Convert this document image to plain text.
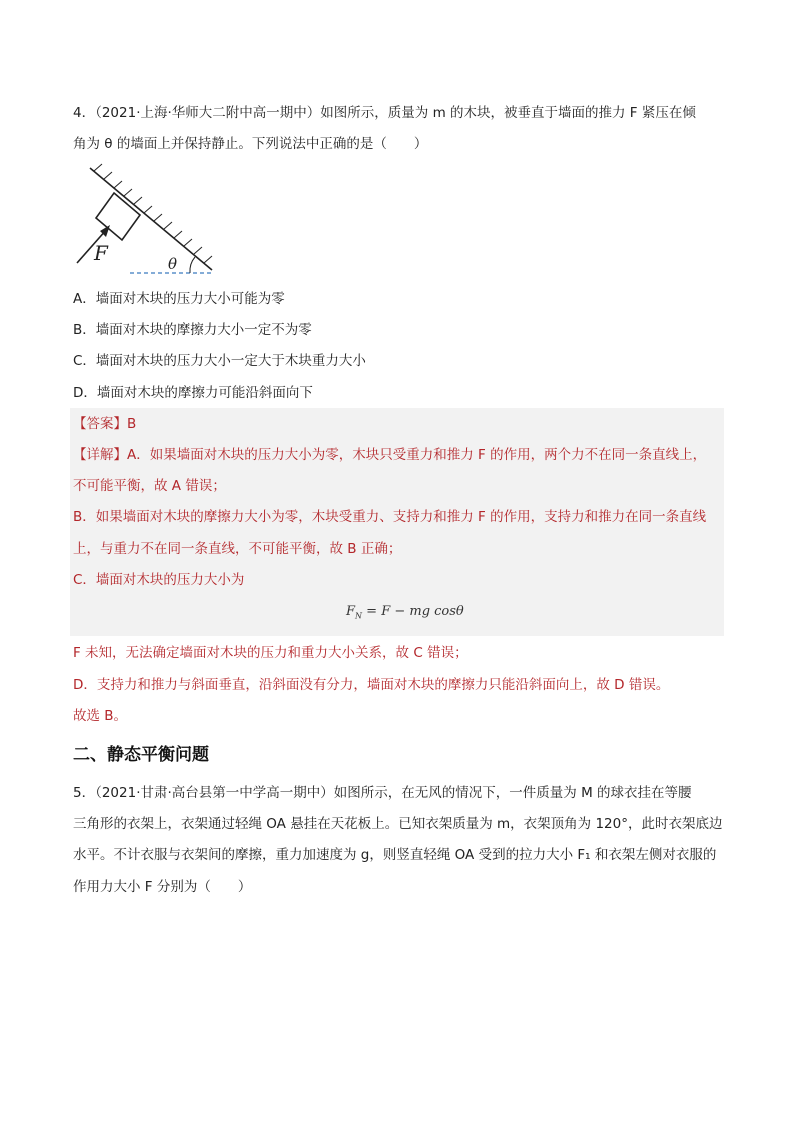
4．（2021·上海·华师大二附中高一期中）如图所示，质量为 m 的木块，被垂直于墙面的推力 F 紧压在倾
角为 θ 的墙面上并保持静止。下列说法中正确的是（　　）
F	θ
A．墙面对木块的压力大小可能为零
B．墙面对木块的摩擦力大小一定不为零
C．墙面对木块的压力大小一定大于木块重力大小
D．墙面对木块的摩擦力可能沿斜面向下
【答案】B
【详解】A．如果墙面对木块的压力大小为零，木块只受重力和推力 F 的作用，两个力不在同一条直线上，
不可能平衡，故 A 错误；
B．如果墙面对木块的摩擦力大小为零，木块受重力、支持力和推力 F 的作用，支持力和推力在同一条直线
上，与重力不在同一条直线，不可能平衡，故 B 正确；
C．墙面对木块的压力大小为
$F_N = F$ − mg cosθ
F 未知，无法确定墙面对木块的压力和重力大小关系，故 C 错误；
D．支持力和推力与斜面垂直，沿斜面没有分力，墙面对木块的摩擦力只能沿斜面向上，故 D 错误。
故选 B。
二、静态平衡问题
5．（2021·甘肃·高台县第一中学高一期中）如图所示，在无风的情况下，一件质量为 M 的球衣挂在等腰
三角形的衣架上，衣架通过轻绳 OA 悬挂在天花板上。已知衣架质量为 m，衣架顶角为 120°，此时衣架底边
水平。不计衣服与衣架间的摩擦，重力加速度为 g，则竖直轻绳 OA 受到的拉力大小 F₁ 和衣架左侧对衣服的
作用力大小 F 分别为（　　）
